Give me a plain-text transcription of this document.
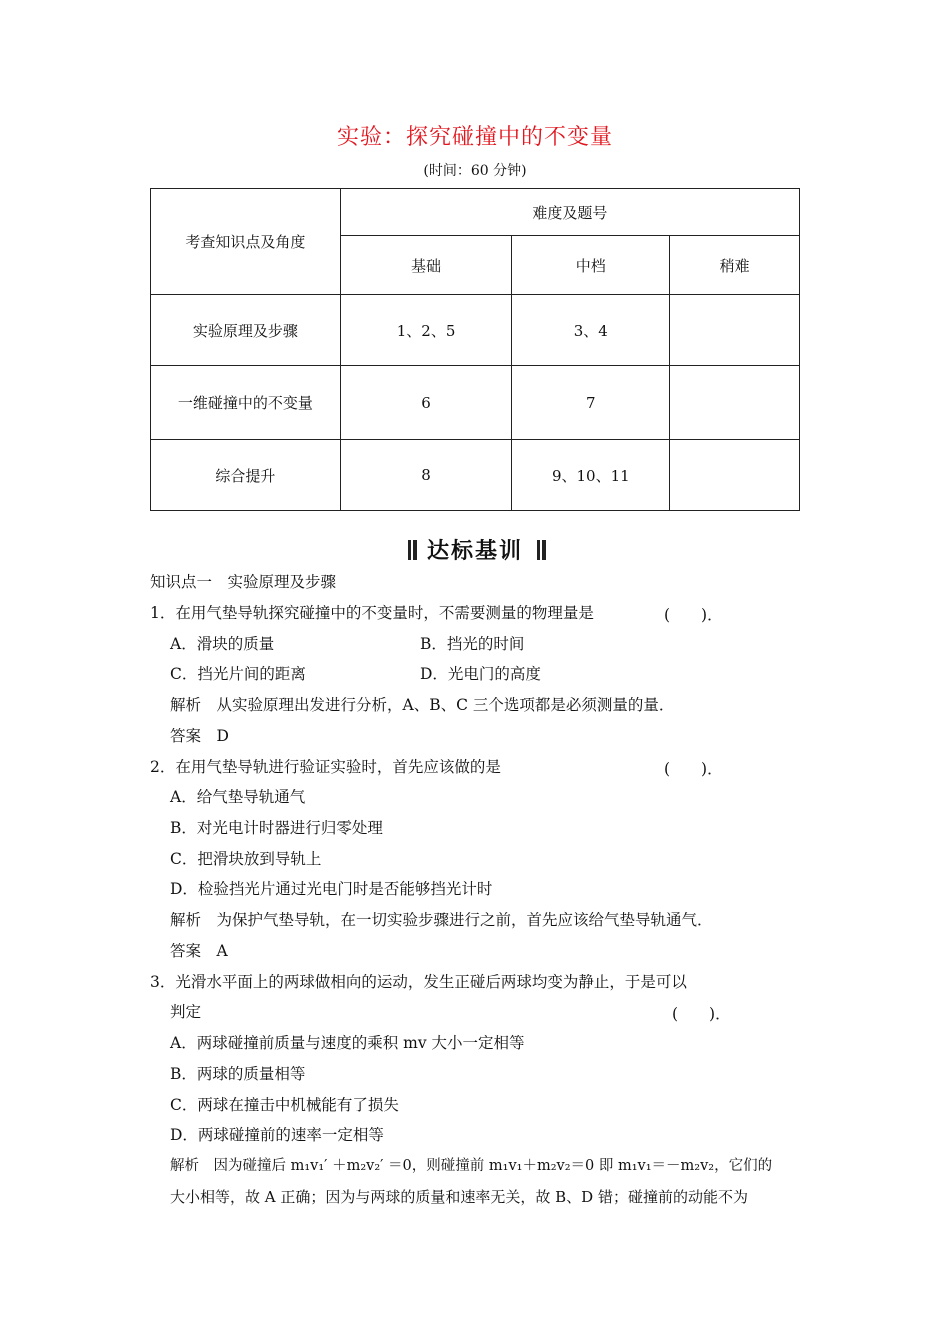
实验：探究碰撞中的不变量
(时间：60 分钟)
考查知识点及角度	难度及题号		
	基础	中档	稍难
实验原理及步骤	1、2、5	3、4	
一维碰撞中的不变量	6	7	
综合提升	8	9、10、11	
达标基训
知识点一　实验原理及步骤
1．在用气垫导轨探究碰撞中的不变量时，不需要测量的物理量是	(　　)．
A．滑块的质量	B．挡光的时间
C．挡光片间的距离	D．光电门的高度
解析　从实验原理出发进行分析，A、B、C 三个选项都是必须测量的量．
答案　D
2．在用气垫导轨进行验证实验时，首先应该做的是	(　　)．
A．给气垫导轨通气
B．对光电计时器进行归零处理
C．把滑块放到导轨上
D．检验挡光片通过光电门时是否能够挡光计时
解析　为保护气垫导轨，在一切实验步骤进行之前，首先应该给气垫导轨通气．
答案　A
3．光滑水平面上的两球做相向的运动，发生正碰后两球均变为静止，于是可以
判定	(　　)．
A．两球碰撞前质量与速度的乘积 mv 大小一定相等
B．两球的质量相等
C．两球在撞击中机械能有了损失
D．两球碰撞前的速率一定相等
解析　因为碰撞后 m₁v₁′ ＋m₂v₂′ ＝0，则碰撞前 m₁v₁＋m₂v₂＝0 即 m₁v₁＝－m₂v₂，它们的
大小相等，故 A 正确；因为与两球的质量和速率无关，故 B、D 错；碰撞前的动能不为
